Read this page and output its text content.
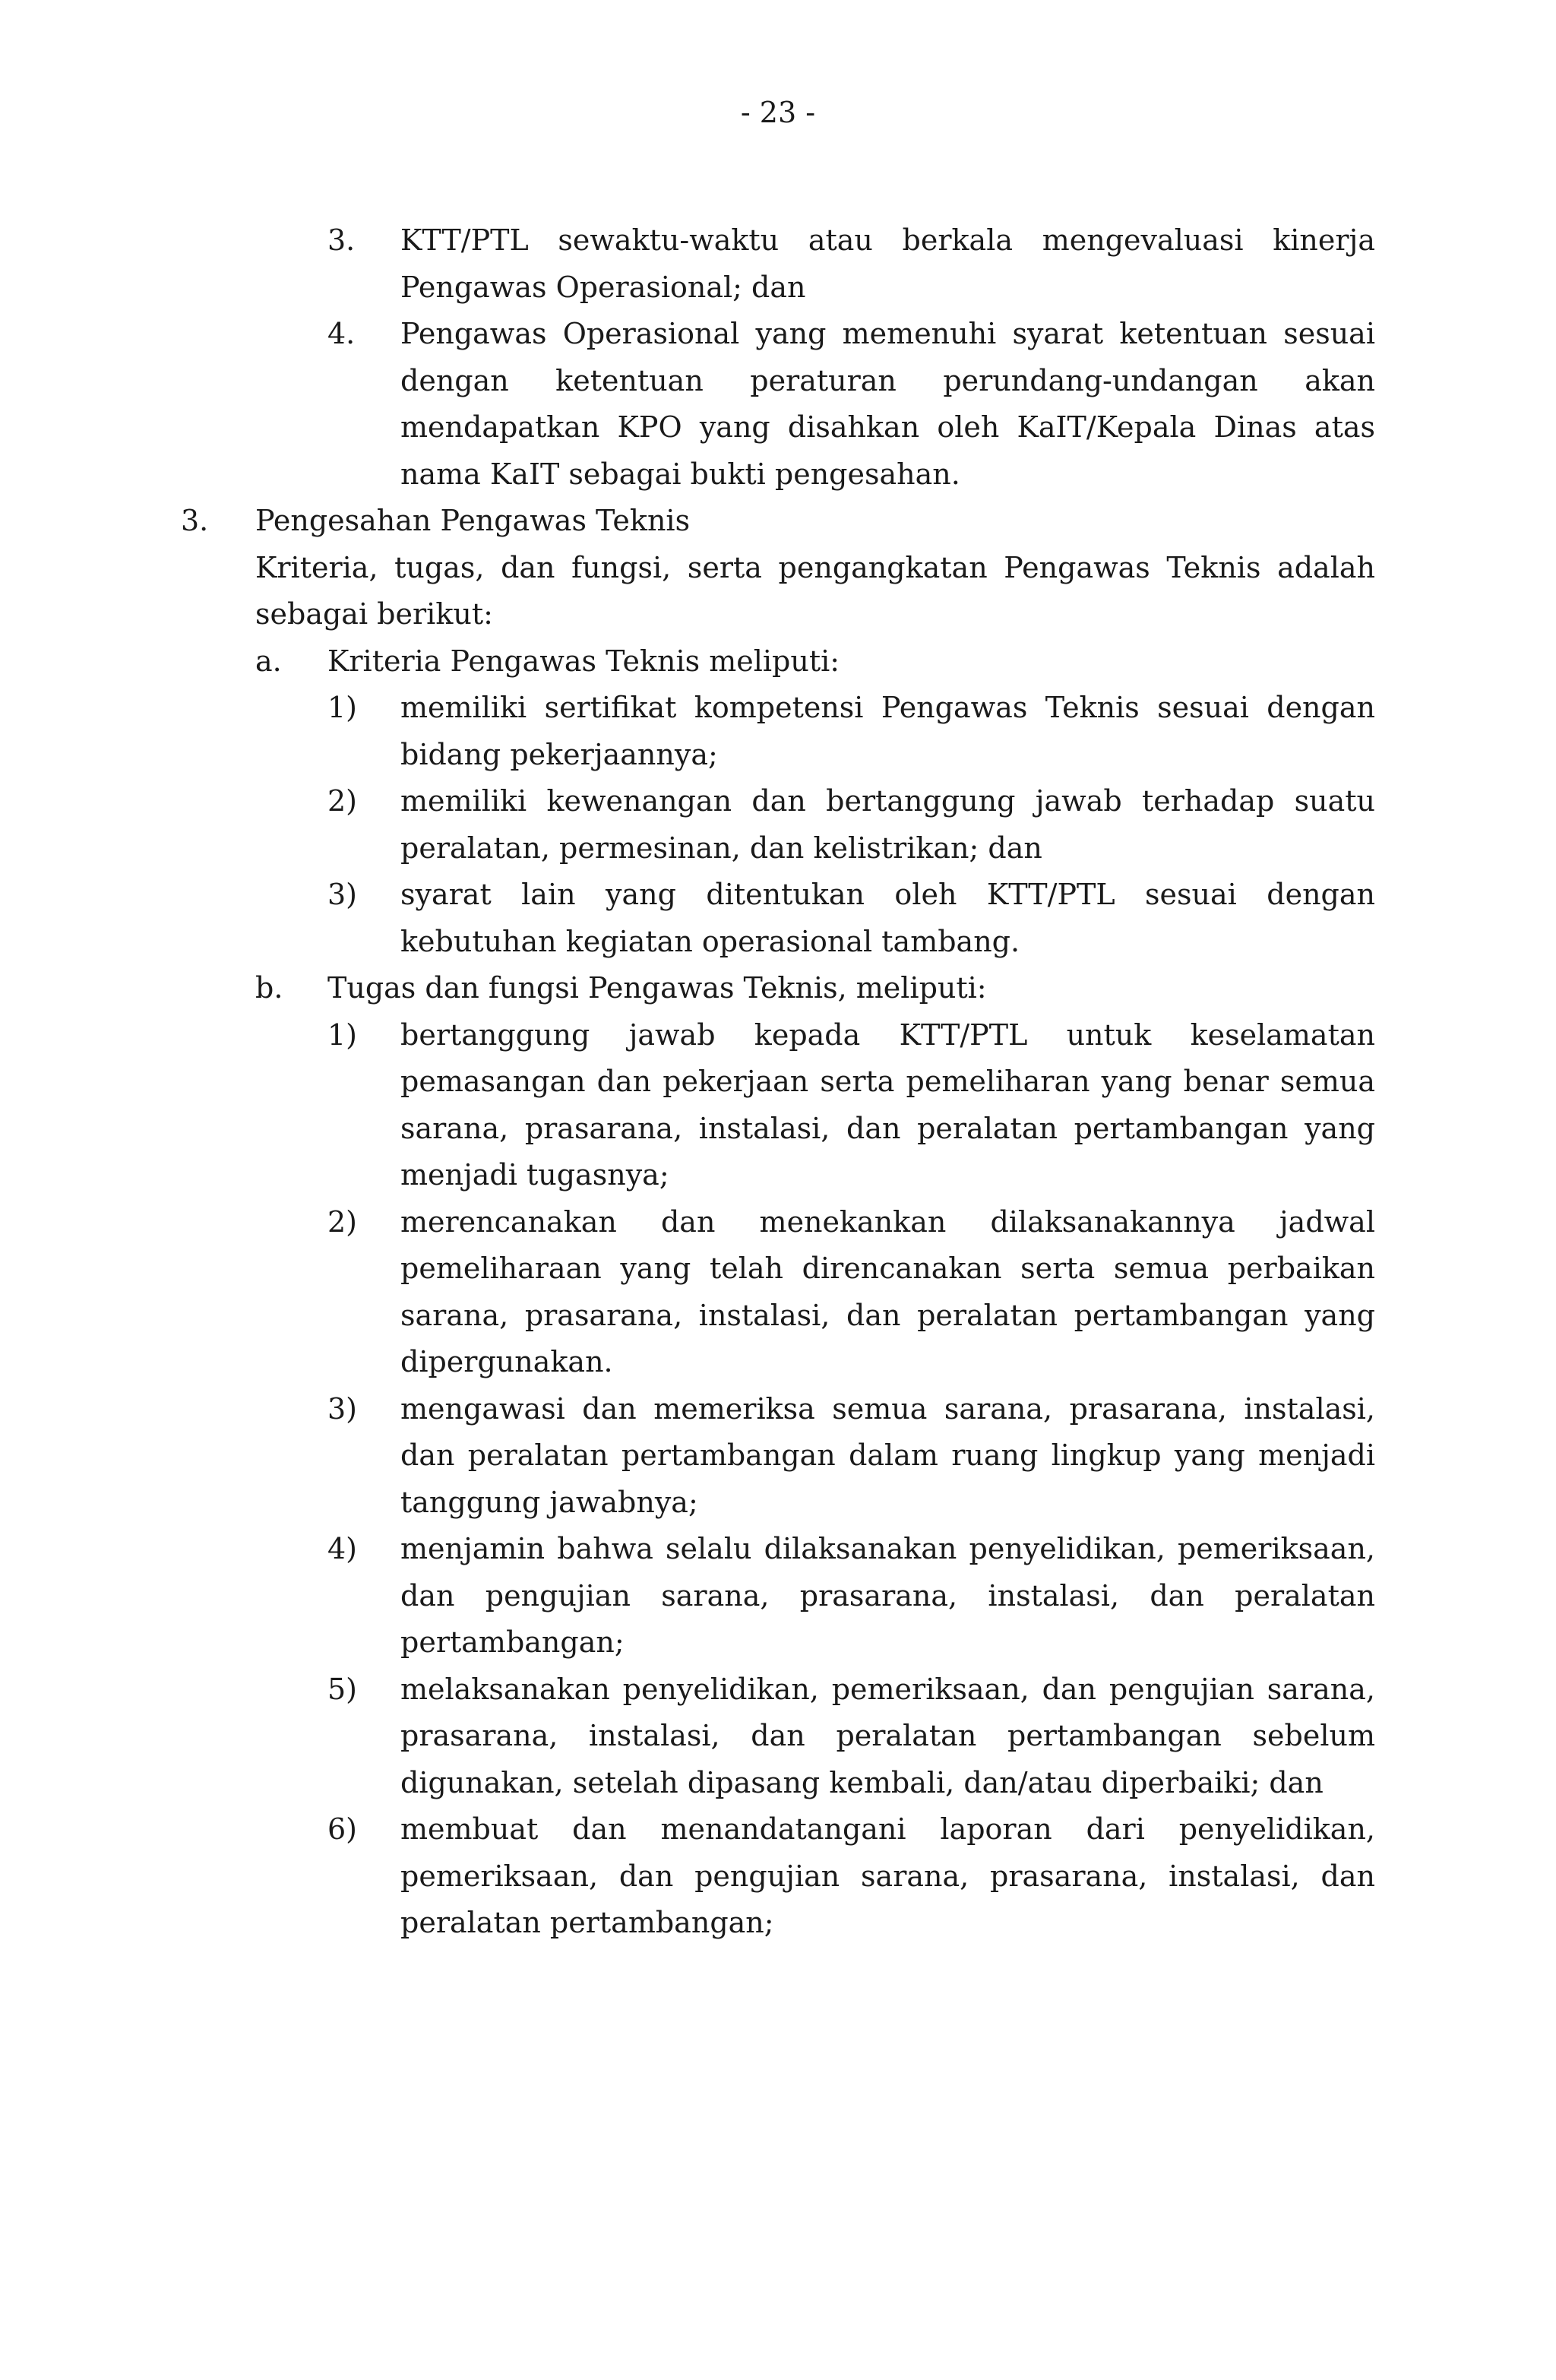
- 23 -
3. KTT/PTL sewaktu-waktu atau berkala mengevaluasi kinerja Pengawas Operasional; dan
4. Pengawas Operasional yang memenuhi syarat ketentuan sesuai dengan ketentuan peraturan perundang-undangan akan mendapatkan KPO yang disahkan oleh KaIT/Kepala Dinas atas nama KaIT sebagai bukti pengesahan.
3. Pengesahan Pengawas Teknis
Kriteria, tugas, dan fungsi, serta pengangkatan Pengawas Teknis adalah sebagai berikut:
a. Kriteria Pengawas Teknis meliputi:
1) memiliki sertifikat kompetensi Pengawas Teknis sesuai dengan bidang pekerjaannya;
2) memiliki kewenangan dan bertanggung jawab terhadap suatu peralatan, permesinan, dan kelistrikan; dan
3) syarat lain yang ditentukan oleh KTT/PTL sesuai dengan kebutuhan kegiatan operasional tambang.
b. Tugas dan fungsi Pengawas Teknis, meliputi:
1) bertanggung jawab kepada KTT/PTL untuk keselamatan pemasangan dan pekerjaan serta pemeliharan yang benar semua sarana, prasarana, instalasi, dan peralatan pertambangan yang menjadi tugasnya;
2) merencanakan dan menekankan dilaksanakannya jadwal pemeliharaan yang telah direncanakan serta semua perbaikan sarana, prasarana, instalasi, dan peralatan pertambangan yang dipergunakan.
3) mengawasi dan memeriksa semua sarana, prasarana, instalasi, dan peralatan pertambangan dalam ruang lingkup yang menjadi tanggung jawabnya;
4) menjamin bahwa selalu dilaksanakan penyelidikan, pemeriksaan, dan pengujian sarana, prasarana, instalasi, dan peralatan pertambangan;
5) melaksanakan penyelidikan, pemeriksaan, dan pengujian sarana, prasarana, instalasi, dan peralatan pertambangan sebelum digunakan, setelah dipasang kembali, dan/atau diperbaiki; dan
6) membuat dan menandatangani laporan dari penyelidikan, pemeriksaan, dan pengujian sarana, prasarana, instalasi, dan peralatan pertambangan;
